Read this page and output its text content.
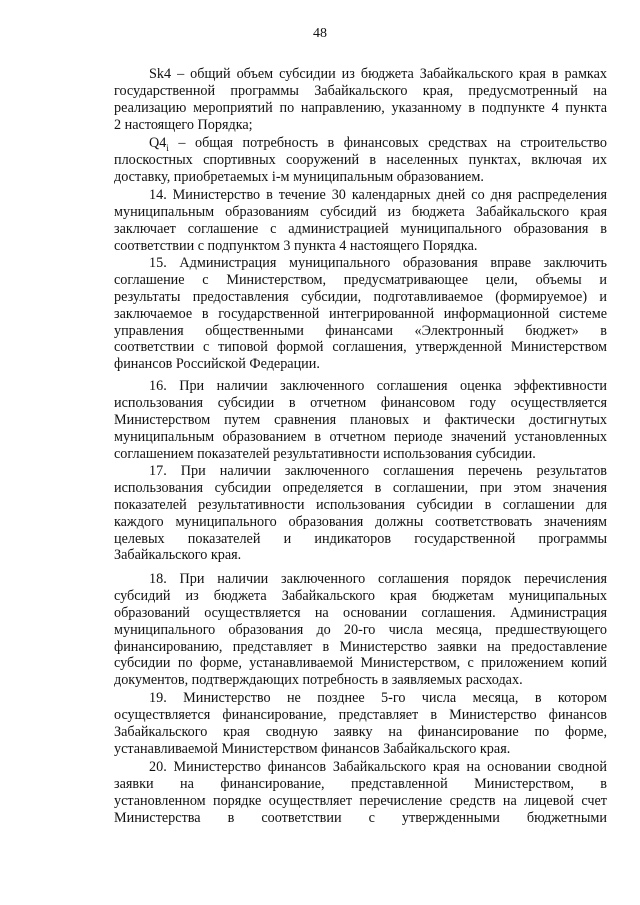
48
Sk4 – общий объем субсидии из бюджета Забайкальского края в рамках
государственной программы Забайкальского края, предусмотренный на
реализацию мероприятий по направлению, указанному в подпункте 4 пункта
2 настоящего Порядка;
$Q4_i$ – общая потребность в финансовых средствах на строительство
плоскостных спортивных сооружений в населенных пунктах, включая их
доставку, приобретаемых i-м муниципальным образованием.
14. Министерство в течение 30 календарных дней со дня распределения
муниципальным образованиям субсидий из бюджета Забайкальского края
заключает соглашение с администрацией муниципального образования в
соответствии с подпунктом 3 пункта 4 настоящего Порядка.
15. Администрация муниципального образования вправе заключить
соглашение с Министерством, предусматривающее цели, объемы и
результаты предоставления субсидии, подготавливаемое (формируемое) и
заключаемое в государственной интегрированной информационной системе
управления общественными финансами «Электронный бюджет» в
соответствии с типовой формой соглашения, утвержденной Министерством
финансов Российской Федерации.
16. При наличии заключенного соглашения оценка эффективности
использования субсидии в отчетном финансовом году осуществляется
Министерством путем сравнения плановых и фактически достигнутых
муниципальным образованием в отчетном периоде значений установленных
соглашением показателей результативности использования субсидии.
17. При наличии заключенного соглашения перечень результатов
использования субсидии определяется в соглашении, при этом значения
показателей результативности использования субсидии в соглашении для
каждого муниципального образования должны соответствовать значениям
целевых показателей и индикаторов государственной программы
Забайкальского края.
18. При наличии заключенного соглашения порядок перечисления
субсидий из бюджета Забайкальского края бюджетам муниципальных
образований осуществляется на основании соглашения. Администрация
муниципального образования до 20-го числа месяца, предшествующего
финансированию, представляет в Министерство заявки на предоставление
субсидии по форме, устанавливаемой Министерством, с приложением копий
документов, подтверждающих потребность в заявляемых расходах.
19. Министерство не позднее 5-го числа месяца, в котором
осуществляется финансирование, представляет в Министерство финансов
Забайкальского края сводную заявку на финансирование по форме,
устанавливаемой Министерством финансов Забайкальского края.
20. Министерство финансов Забайкальского края на основании сводной
заявки на финансирование, представленной Министерством, в
установленном порядке осуществляет перечисление средств на лицевой счет
Министерства в соответствии с утвержденными бюджетными
